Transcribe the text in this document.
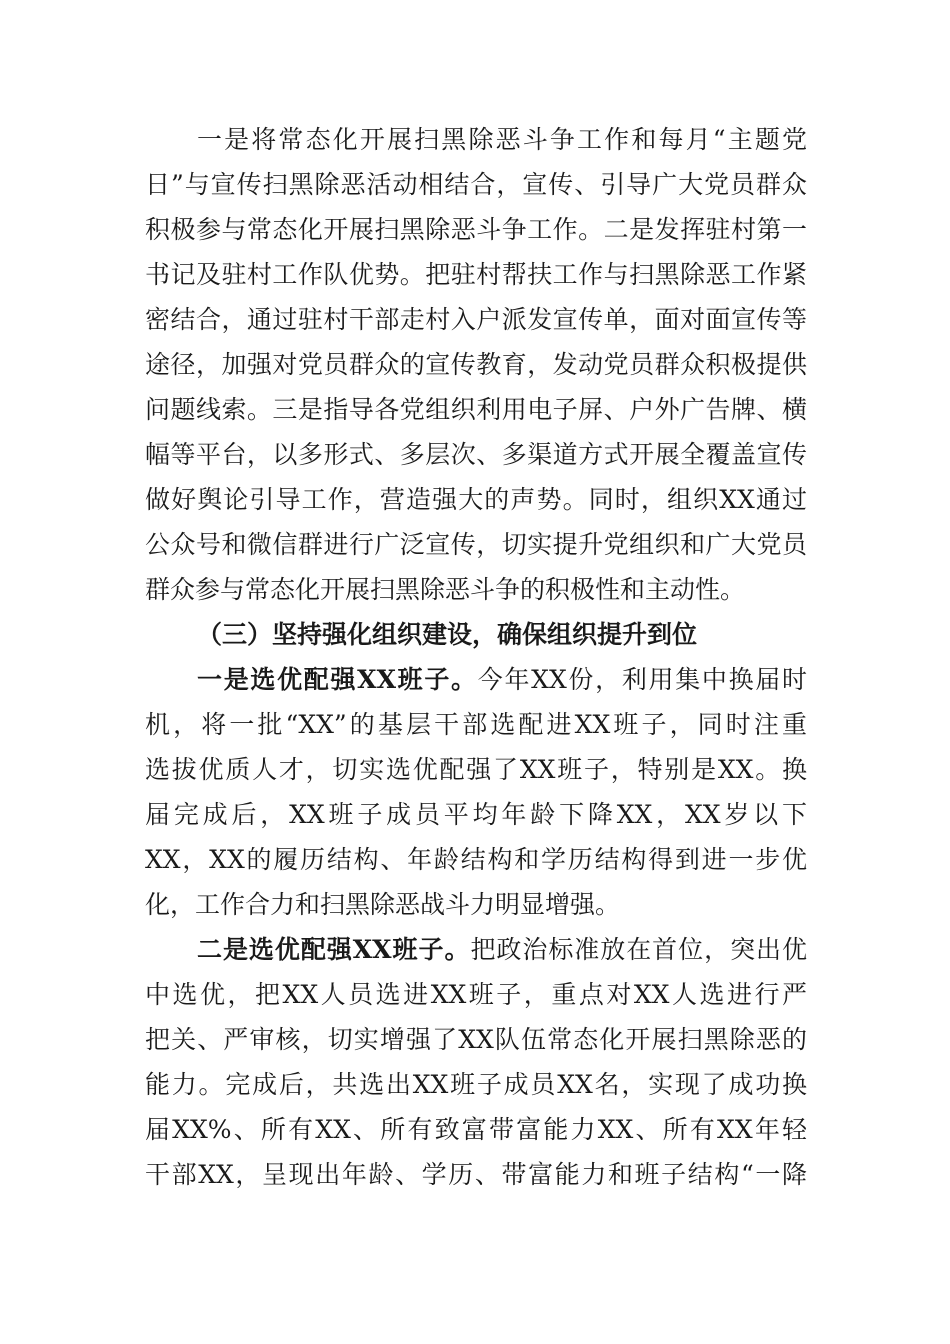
一是将常态化开展扫黑除恶斗争工作和每月“主题党
日”与宣传扫黑除恶活动相结合，宣传、引导广大党员群众
积极参与常态化开展扫黑除恶斗争工作。二是发挥驻村第一
书记及驻村工作队优势。把驻村帮扶工作与扫黑除恶工作紧
密结合，通过驻村干部走村入户派发宣传单，面对面宣传等
途径，加强对党员群众的宣传教育，发动党员群众积极提供
问题线索。三是指导各党组织利用电子屏、户外广告牌、横
幅等平台，以多形式、多层次、多渠道方式开展全覆盖宣传
做好舆论引导工作，营造强大的声势。同时，组织XX通过
公众号和微信群进行广泛宣传，切实提升党组织和广大党员
群众参与常态化开展扫黑除恶斗争的积极性和主动性。
（三）坚持强化组织建设，确保组织提升到位
一是选优配强XX班子。今年XX份，利用集中换届时
机，将一批“XX”的基层干部选配进XX班子，同时注重
选拔优质人才，切实选优配强了XX班子，特别是XX。换
届完成后，XX班子成员平均年龄下降XX，XX岁以下
XX，XX的履历结构、年龄结构和学历结构得到进一步优
化，工作合力和扫黑除恶战斗力明显增强。
二是选优配强XX班子。把政治标准放在首位，突出优
中选优，把XX人员选进XX班子，重点对XX人选进行严
把关、严审核，切实增强了XX队伍常态化开展扫黑除恶的
能力。完成后，共选出XX班子成员XX名，实现了成功换
届XX%、所有XX、所有致富带富能力XX、所有XX年轻
干部XX，呈现出年龄、学历、带富能力和班子结构“一降
